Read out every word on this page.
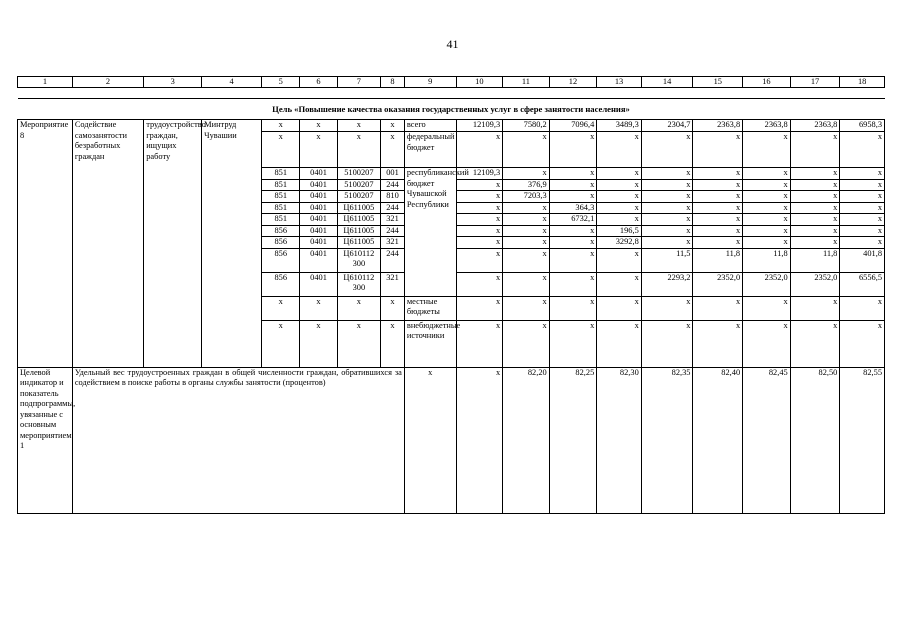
41
1	2	3	4	5	6	7	8	9	10	11	12	13	14	15	16	17	18

Цель «Повышение качества оказания государственных услуг в сфере занятости населения»																	
Мероприятие 8	Содействие самозанятости безработных граждан	трудоустройство граждан, ищущих работу	Минтруд Чувашии	x	x	x	x	всего	12109,3	7580,2	7096,4	3489,3	2304,7	2363,8	2363,8	2363,8	6958,3
				x	x	x	x	федеральный бюджет	x	x	x	x	x	x	x	x	x
				851	0401	5100207	001	республиканский бюджет Чувашской Республики	12109,3	x	x	x	x	x	x	x	x
				851	0401	5100207	244		x	376,9	x	x	x	x	x	x	x
				851	0401	5100207	810		x	7203,3	x	x	x	x	x	x	x
				851	0401	Ц611005	244		x	x	364,3	x	x	x	x	x	x
				851	0401	Ц611005	321		x	x	6732,1	x	x	x	x	x	x
				856	0401	Ц611005	244		x	x	x	196,5	x	x	x	x	x
				856	0401	Ц611005	321		x	x	x	3292,8	x	x	x	x	x
				856	0401	Ц610112 300	244		x	x	x	x	11,5	11,8	11,8	11,8	401,8
				856	0401	Ц610112 300	321		x	x	x	x	2293,2	2352,0	2352,0	2352,0	6556,5
				x	x	x	x	местные бюджеты	x	x	x	x	x	x	x	x	x
				x	x	x	x	внебюджетные источники	x	x	x	x	x	x	x	x	x
Целевой индикатор и показатель подпрограммы, увязанные с основным мероприятием 1	Удельный вес трудоустроенных граждан в общей численности граждан, обратившихся за содействием в поиске работы в органы службы занятости (процентов)							x	x	82,20	82,25	82,30	82,35	82,40	82,45	82,50	82,55
